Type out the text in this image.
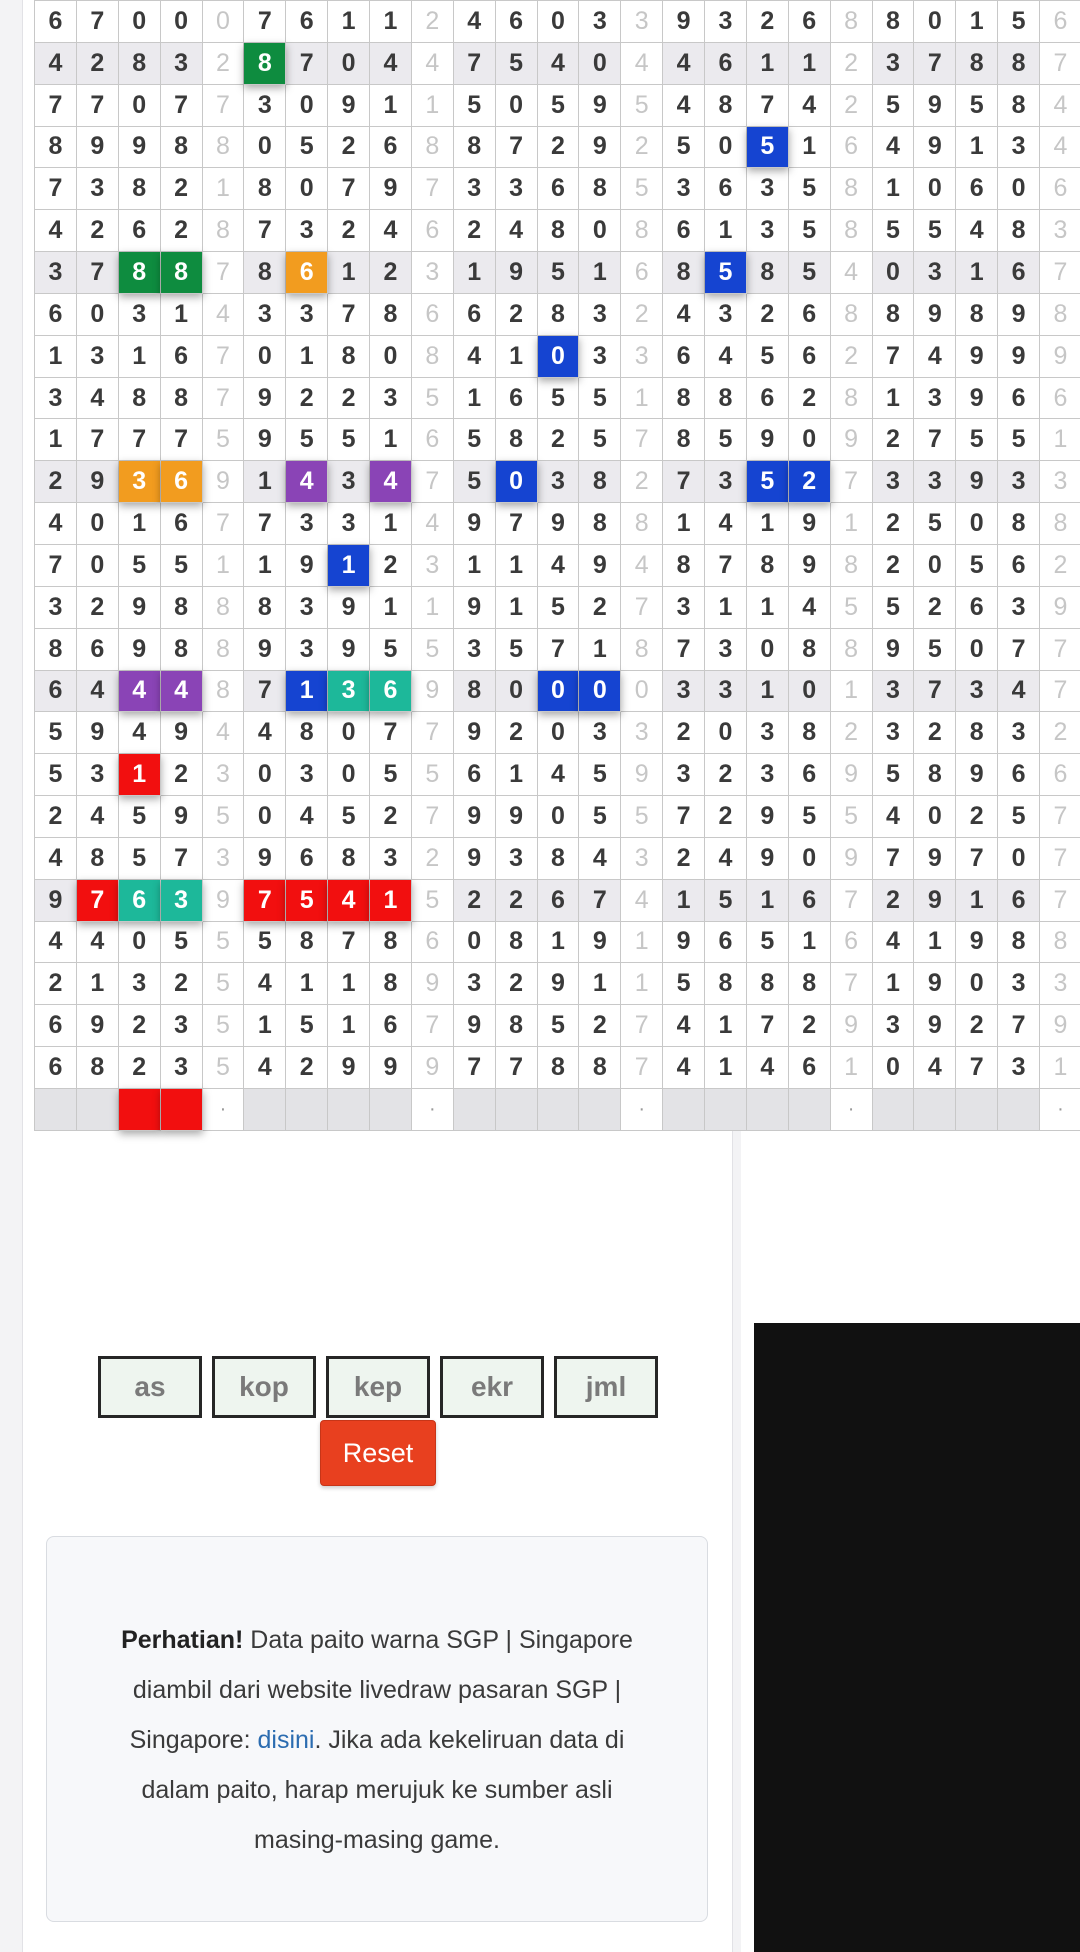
6	7	0	0	0	7	6	1	1	2	4	6	0	3	3	9	3	2	6	8	8	0	1	5	6
4	2	8	3	2	8	7	0	4	4	7	5	4	0	4	4	6	1	1	2	3	7	8	8	7
7	7	0	7	7	3	0	9	1	1	5	0	5	9	5	4	8	7	4	2	5	9	5	8	4
8	9	9	8	8	0	5	2	6	8	8	7	2	9	2	5	0	5	1	6	4	9	1	3	4
7	3	8	2	1	8	0	7	9	7	3	3	6	8	5	3	6	3	5	8	1	0	6	0	6
4	2	6	2	8	7	3	2	4	6	2	4	8	0	8	6	1	3	5	8	5	5	4	8	3
3	7	8	8	7	8	6	1	2	3	1	9	5	1	6	8	5	8	5	4	0	3	1	6	7
6	0	3	1	4	3	3	7	8	6	6	2	8	3	2	4	3	2	6	8	8	9	8	9	8
1	3	1	6	7	0	1	8	0	8	4	1	0	3	3	6	4	5	6	2	7	4	9	9	9
3	4	8	8	7	9	2	2	3	5	1	6	5	5	1	8	8	6	2	8	1	3	9	6	6
1	7	7	7	5	9	5	5	1	6	5	8	2	5	7	8	5	9	0	9	2	7	5	5	1
2	9	3	6	9	1	4	3	4	7	5	0	3	8	2	7	3	5	2	7	3	3	9	3	3
4	0	1	6	7	7	3	3	1	4	9	7	9	8	8	1	4	1	9	1	2	5	0	8	8
7	0	5	5	1	1	9	1	2	3	1	1	4	9	4	8	7	8	9	8	2	0	5	6	2
3	2	9	8	8	8	3	9	1	1	9	1	5	2	7	3	1	1	4	5	5	2	6	3	9
8	6	9	8	8	9	3	9	5	5	3	5	7	1	8	7	3	0	8	8	9	5	0	7	7
6	4	4	4	8	7	1	3	6	9	8	0	0	0	0	3	3	1	0	1	3	7	3	4	7
5	9	4	9	4	4	8	0	7	7	9	2	0	3	3	2	0	3	8	2	3	2	8	3	2
5	3	1	2	3	0	3	0	5	5	6	1	4	5	9	3	2	3	6	9	5	8	9	6	6
2	4	5	9	5	0	4	5	2	7	9	9	0	5	5	7	2	9	5	5	4	0	2	5	7
4	8	5	7	3	9	6	8	3	2	9	3	8	4	3	2	4	9	0	9	7	9	7	0	7
9	7	6	3	9	7	5	4	1	5	2	2	6	7	4	1	5	1	6	7	2	9	1	6	7
4	4	0	5	5	5	8	7	8	6	0	8	1	9	1	9	6	5	1	6	4	1	9	8	8
2	1	3	2	5	4	1	1	8	9	3	2	9	1	1	5	8	8	8	7	1	9	0	3	3
6	9	2	3	5	1	5	1	6	7	9	8	5	2	7	4	1	7	2	9	3	9	2	7	9
6	8	2	3	5	4	2	9	9	9	7	7	8	8	7	4	1	4	6	1	0	4	7	3	1
·	·	·	·	·
as	kop	kep	ekr	jml
Reset
Perhatian! Data paito warna SGP | Singapore diambil dari website livedraw pasaran SGP | Singapore: disini. Jika ada kekeliruan data di dalam paito, harap merujuk ke sumber asli masing-masing game.
